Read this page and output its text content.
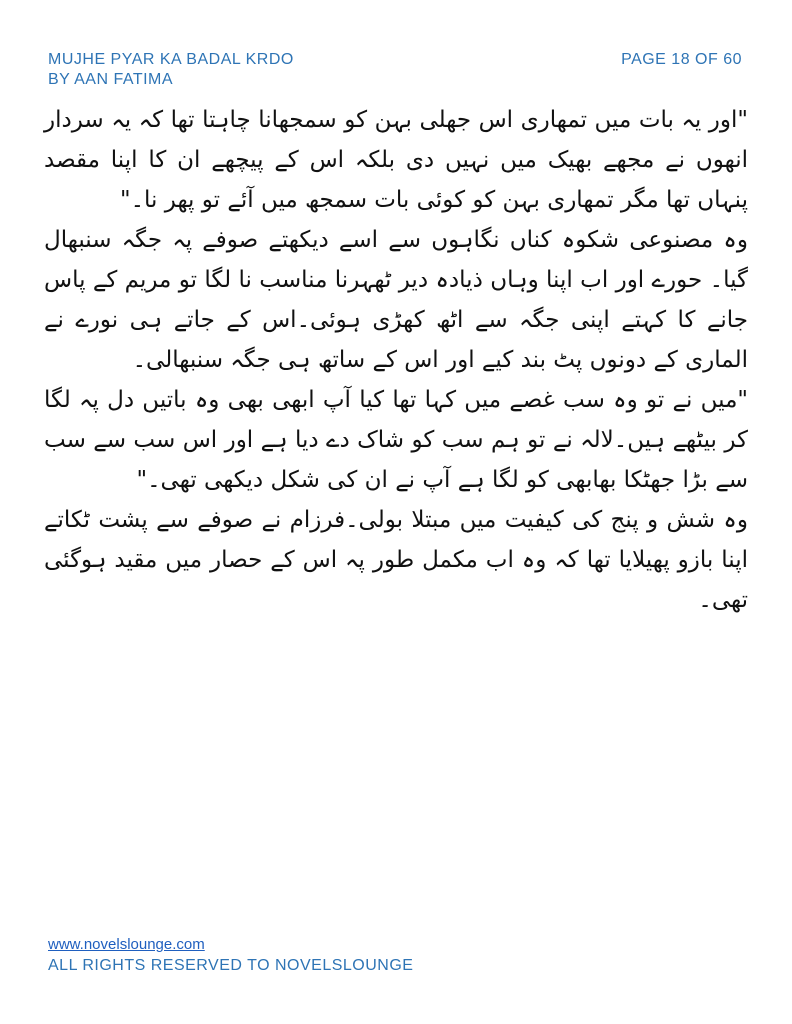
MUJHE PYAR KA BADAL KRDO
BY AAN FATIMA
PAGE 18 OF 60

"اور یہ بات میں تمھاری اس جھلی بہن کو سمجھانا چاہتا تھا کہ یہ سردار انھوں نے مجھے بھیک میں نہیں دی بلکہ اس کے پیچھے ان کا اپنا مقصد پنہاں تھا مگر تمھاری بہن کو کوئی بات سمجھ میں آئے تو پھر نا۔"

وہ مصنوعی شکوہ کناں نگاہوں سے اسے دیکھتے صوفے پہ جگہ سنبھال گیا۔ حورے اور اب اپنا وہاں ذیادہ دیر ٹھہرنا مناسب نا لگا تو مریم کے پاس جانے کا کہتے اپنی جگہ سے اٹھ کھڑی ہوئی۔اس کے جاتے ہی نورے نے الماری کے دونوں پٹ بند کیے اور اس کے ساتھ ہی جگہ سنبھالی۔

"میں نے تو وہ سب غصے میں کہا تھا کیا آپ ابھی بھی وہ باتیں دل پہ لگا کر بیٹھے ہیں۔لالہ نے تو ہم سب کو شاک دے دیا ہے اور اس سب سے سب سے بڑا جھٹکا بھابھی کو لگا ہے آپ نے ان کی شکل دیکھی تھی۔"

وہ شش و پنج کی کیفیت میں مبتلا بولی۔فرزام نے صوفے سے پشت ٹکاتے اپنا بازو پھیلایا تھا کہ وہ اب مکمل طور پہ اس کے حصار میں مقید ہوگئی تھی۔

www.novelslounge.com
ALL RIGHTS RESERVED TO NOVELSLOUNGE
